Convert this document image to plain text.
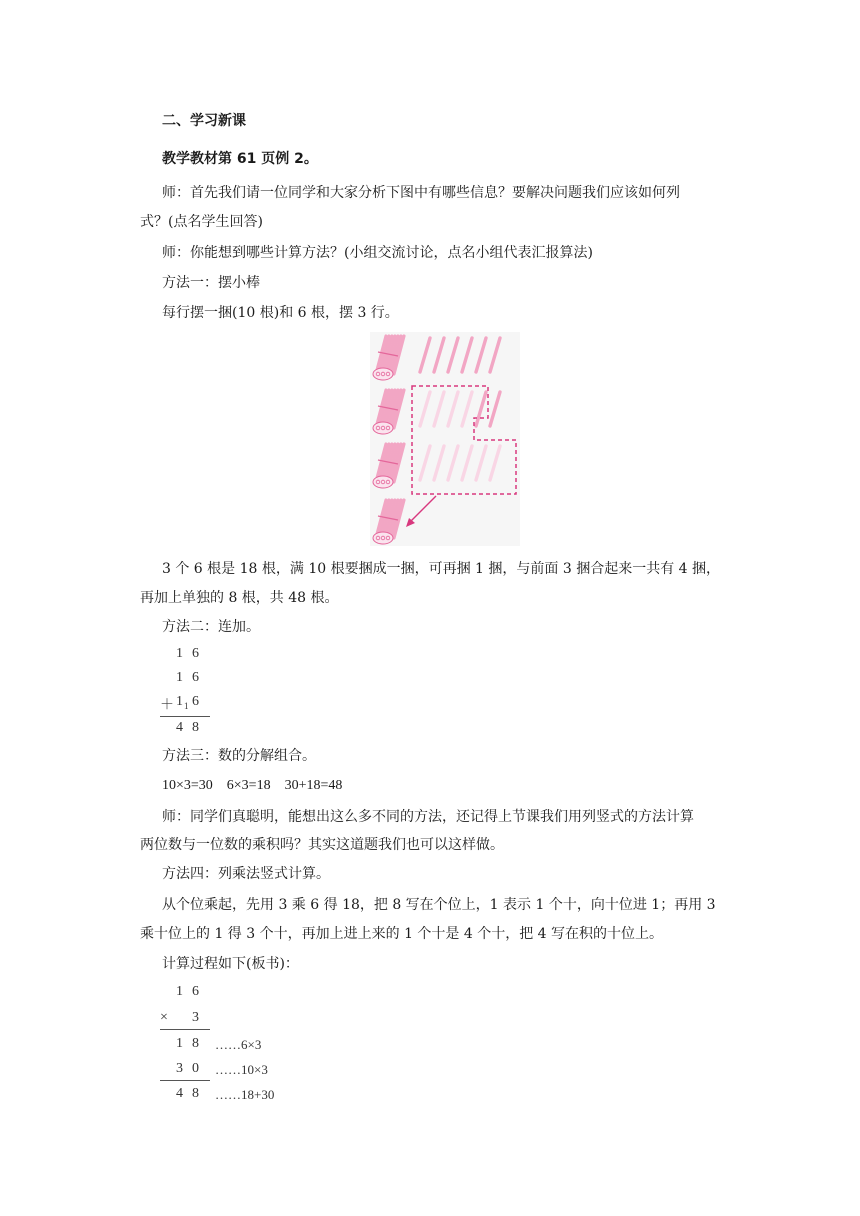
二、学习新课
教学教材第 61 页例 2。
师：首先我们请一位同学和大家分析下图中有哪些信息？要解决问题我们应该如何列
式？(点名学生回答)
师：你能想到哪些计算方法？(小组交流讨论，点名小组代表汇报算法)
方法一：摆小棒
每行摆一捆(10 根)和 6 根，摆 3 行。
3 个 6 根是 18 根，满 10 根要捆成一捆，可再捆 1 捆，与前面 3 捆合起来一共有 4 捆，
再加上单独的 8 根，共 48 根。
方法二：连加。
1 6
1 6
＋ 1 1 6
4 8
方法三：数的分解组合。
10×3=30　6×3=18　30+18=48
师：同学们真聪明，能想出这么多不同的方法，还记得上节课我们用列竖式的方法计算
两位数与一位数的乘积吗？其实这道题我们也可以这样做。
方法四：列乘法竖式计算。
从个位乘起，先用 3 乘 6 得 18，把 8 写在个位上，1 表示 1 个十，向十位进 1；再用 3
乘十位上的 1 得 3 个十，再加上进上来的 1 个十是 4 个十，把 4 写在积的十位上。
计算过程如下(板书)：
1 6
× 3
1 8
3 0
4 8
……6×3
……10×3
……18+30
